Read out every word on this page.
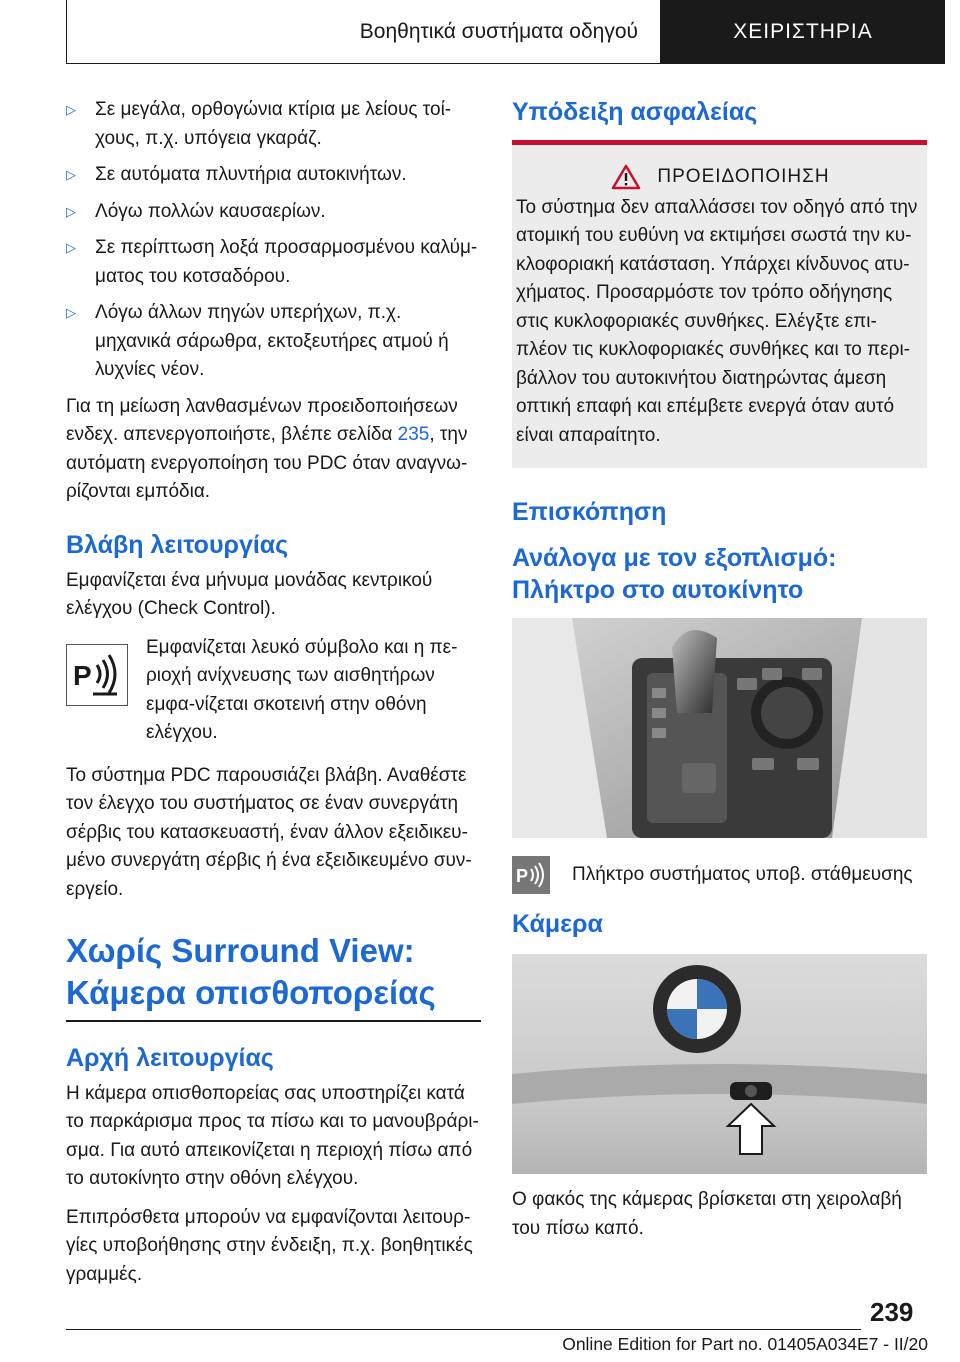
Βοηθητικά συστήματα οδηγού	ΧΕΙΡΙΣΤΗΡΙΑ
▷	Σε μεγάλα, ορθογώνια κτίρια με λείους τοί-χους, π.χ. υπόγεια γκαράζ.
▷	Σε αυτόματα πλυντήρια αυτοκινήτων.
▷	Λόγω πολλών καυσαερίων.
▷	Σε περίπτωση λοξά προσαρμοσμένου καλύμ-ματος του κοτσαδόρου.
▷	Λόγω άλλων πηγών υπερήχων, π.χ. μηχανικά σάρωθρα, εκτοξευτήρες ατμού ή λυχνίες νέον.

Για τη μείωση λανθασμένων προειδοποιήσεων ενδεχ. απενεργοποιήστε, βλέπε σελίδα 235, την αυτόματη ενεργοποίηση του PDC όταν αναγνω-ρίζονται εμπόδια.

Βλάβη λειτουργίας

Εμφανίζεται ένα μήνυμα μονάδας κεντρικού ελέγχου (Check Control).

P
Εμφανίζεται λευκό σύμβολο και η πε-ριοχή ανίχνευσης των αισθητήρων εμφα-νίζεται σκοτεινή στην οθόνη ελέγχου.

Το σύστημα PDC παρουσιάζει βλάβη. Αναθέστε τον έλεγχο του συστήματος σε έναν συνεργάτη σέρβις του κατασκευαστή, έναν άλλον εξειδικευ-μένο συνεργάτη σέρβις ή ένα εξειδικευμένο συν-εργείο.

Χωρίς Surround View: Κάμερα οπισθοπορείας
Αρχή λειτουργίας

Η κάμερα οπισθοπορείας σας υποστηρίζει κατά το παρκάρισμα προς τα πίσω και το μανουβράρι-σμα. Για αυτό απεικονίζεται η περιοχή πίσω από το αυτοκίνητο στην οθόνη ελέγχου.

Επιπρόσθετα μπορούν να εμφανίζονται λειτουρ-γίες υποβοήθησης στην ένδειξη, π.χ. βοηθητικές γραμμές.

Υπόδειξη ασφαλείας
ΠΡΟΕΙΔΟΠΟΙΗΣΗ
Το σύστημα δεν απαλλάσσει τον οδηγό από την ατομική του ευθύνη να εκτιμήσει σωστά την κυ-κλοφοριακή κατάσταση. Υπάρχει κίνδυνος ατυ-χήματος. Προσαρμόστε τον τρόπο οδήγησης στις κυκλοφοριακές συνθήκες. Ελέγξτε επι-πλέον τις κυκλοφοριακές συνθήκες και το περι-βάλλον του αυτοκινήτου διατηρώντας άμεση οπτική επαφή και επέμβετε ενεργά όταν αυτό είναι απαραίτητο.
Επισκόπηση
Ανάλογα με τον εξοπλισμό: Πλήκτρο στο αυτοκίνητο
P Πλήκτρο συστήματος υποβ. στάθμευσης
Κάμερα

Ο φακός της κάμερας βρίσκεται στη χειρολαβή του πίσω καπό.

239
Online Edition for Part no. 01405A034E7 - II/20
